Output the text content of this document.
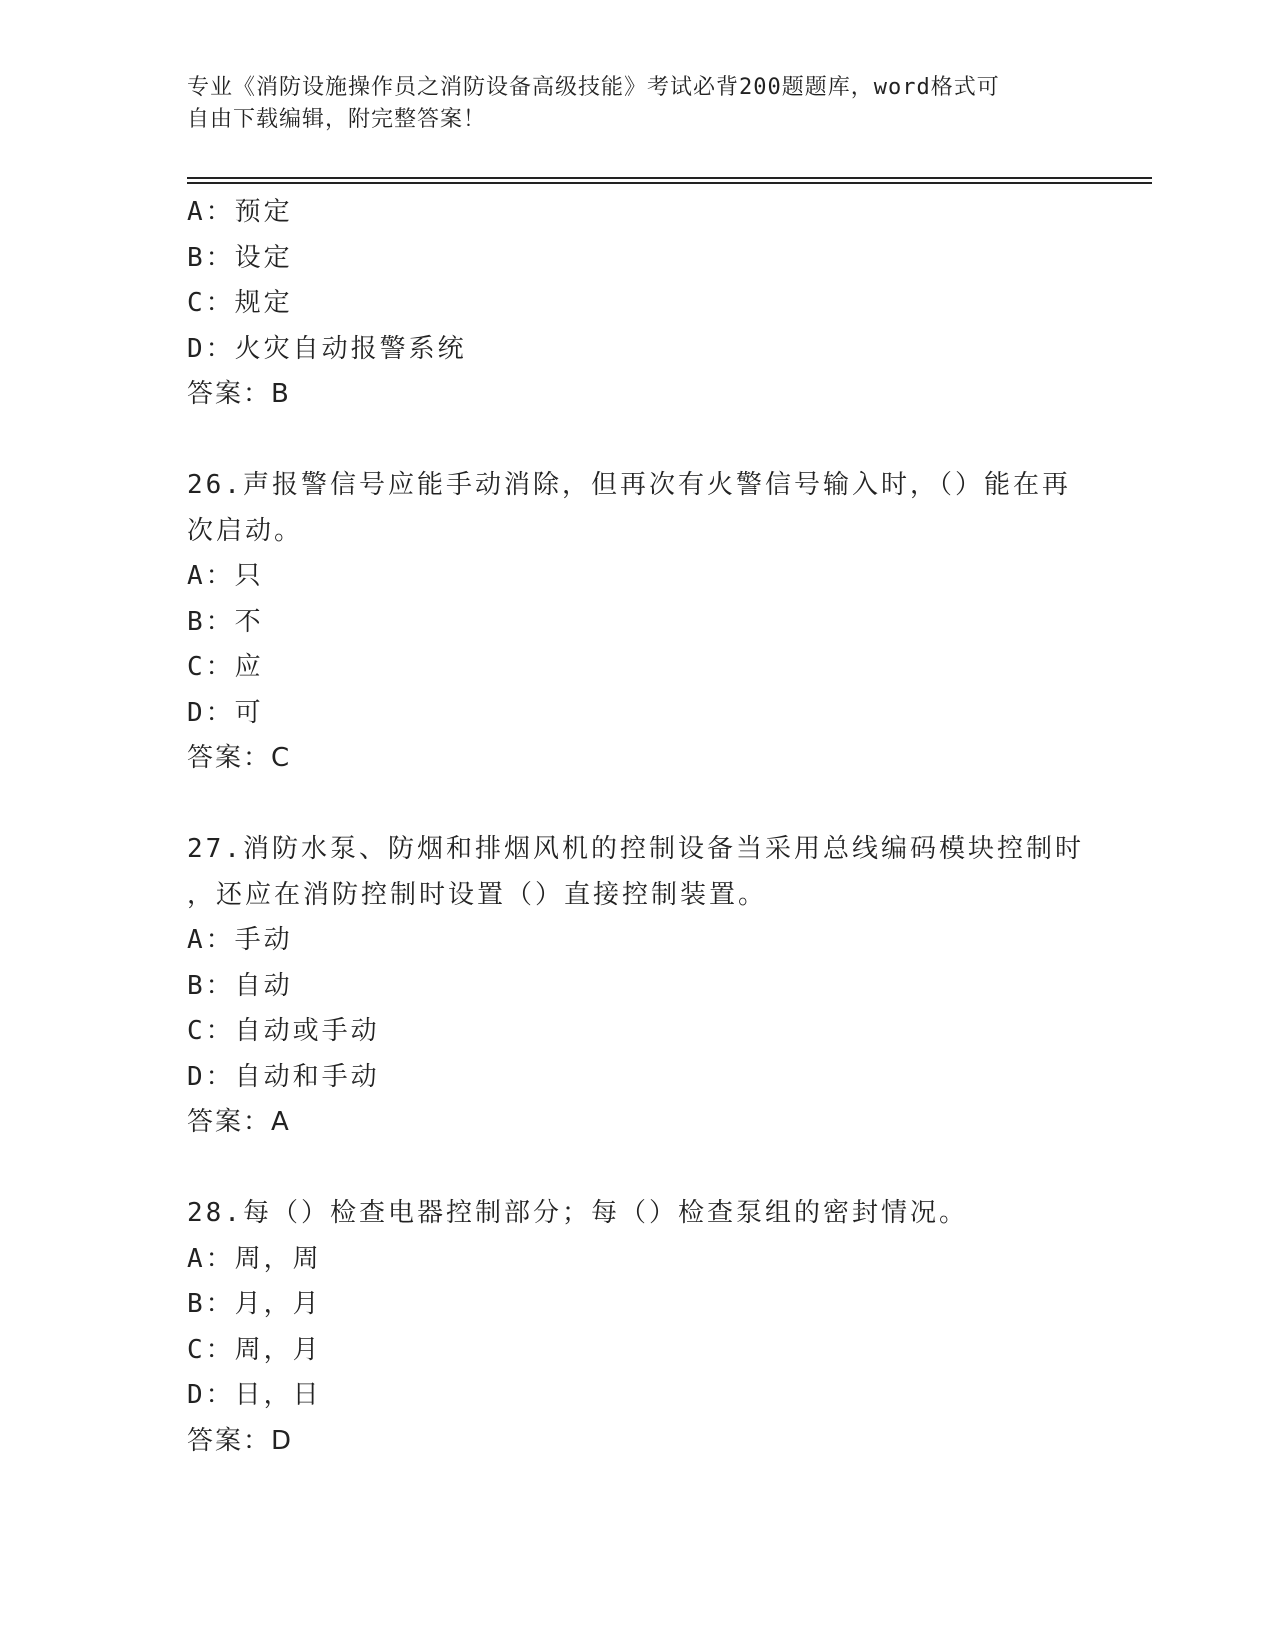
专业《消防设施操作员之消防设备高级技能》考试必背200题题库，word格式可
自由下载编辑，附完整答案！
A：预定
B：设定
C：规定
D：火灾自动报警系统
答案：B
26.声报警信号应能手动消除，但再次有火警信号输入时，（）能在再
次启动。
A：只
B：不
C：应
D：可
答案：C
27.消防水泵、防烟和排烟风机的控制设备当采用总线编码模块控制时
，还应在消防控制时设置（）直接控制装置。
A：手动
B：自动
C：自动或手动
D：自动和手动
答案：A
28.每（）检查电器控制部分；每（）检查泵组的密封情况。
A：周，周
B：月，月
C：周，月
D：日，日
答案：D
